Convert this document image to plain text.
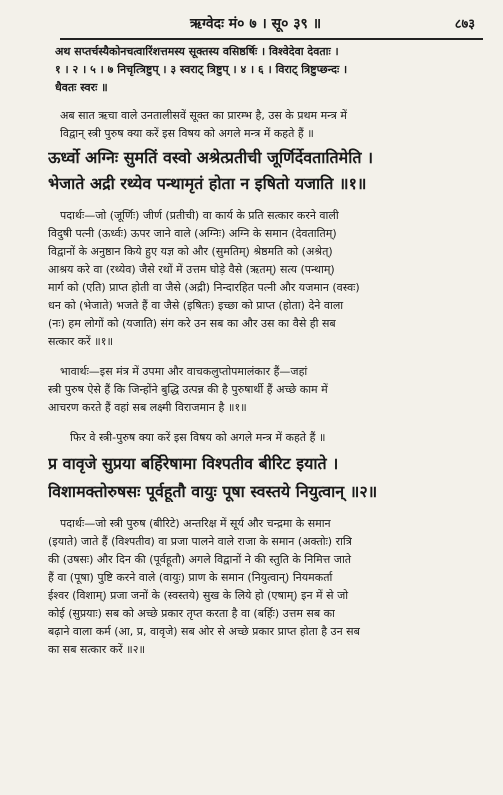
ऋग्वेदः मं० ७ । सू० ३९ ॥	८७३
अथ सप्तर्चस्यैकोनचत्वारिंशत्तमस्य सूक्तस्य वसिष्ठर्षिः । विश्वेदेवा देवताः ।
१ । २ । ५ । ७ निचृत्त्रिष्टुप् । ३ स्वराट् त्रिष्टुप् । ४ । ६ । विराट् त्रिष्टुप्छन्दः ।
धैवतः स्वरः ॥
अब सात ऋचा वाले उनतालीसवें सूक्त का प्रारम्भ है, उस के प्रथम मन्त्र में
विद्वान् स्त्री पुरुष क्या करें इस विषय को अगले मन्त्र में कहते हैं ॥
ऊर्ध्वो अग्निः सुमतिं वस्वो अश्रेत्प्रतीची जूर्णिर्देवतातिमेति ।
भेजाते अद्री रथ्येव पन्थामृतं होता न इषितो यजाति ॥१॥
पदार्थः—जो (जूर्णिः) जीर्ण (प्रतीची) वा कार्य के प्रति सत्कार करने वाली
विदुषी पत्नी (ऊर्ध्वः) ऊपर जाने वाले (अग्निः) अग्नि के समान (देवतातिम्)
विद्वानों के अनुष्ठान किये हुए यज्ञ को और (सुमतिम्) श्रेष्ठमति को (अश्रेत्)
आश्रय करे वा (रथ्येव) जैसे रथों में उत्तम घोड़े वैसे (ऋतम्) सत्य (पन्थाम्)
मार्ग को (एति) प्राप्त होती वा जैसे (अद्री) निन्दारहित पत्नी और यजमान (वस्वः)
धन को (भेजाते) भजते हैं वा जैसे (इषितः) इच्छा को प्राप्त (होता) देने वाला
(नः) हम लोगों को (यजाति) संग करे उन सब का और उस का वैसे ही सब
सत्कार करें ॥१॥
भावार्थः—इस मंत्र में उपमा और वाचकलुप्तोपमालंकार हैं—जहां
स्त्री पुरुष ऐसे हैं कि जिन्होंने बुद्धि उत्पन्न की है पुरुषार्थी हैं अच्छे काम में
आचरण करते हैं वहां सब लक्ष्मी विराजमान है ॥१॥
फिर वे स्त्री-पुरुष क्या करें इस विषय को अगले मन्त्र में कहते हैं ॥
प्र वावृजे सुप्रया बर्हिरेषामा विश्पतीव बीरिट इयाते ।
विशामक्तोरुषसः पूर्वहूतौ वायुः पूषा स्वस्तये नियुत्वान् ॥२॥
पदार्थः—जो स्त्री पुरुष (बीरिटे) अन्तरिक्ष में सूर्य और चन्द्रमा के समान
(इयाते) जाते हैं (विश्पतीव) वा प्रजा पालने वाले राजा के समान (अक्तोः) रात्रि
की (उषसः) और दिन की (पूर्वहूतौ) अगले विद्वानों ने की स्तुति के निमित्त जाते
हैं वा (पूषा) पुष्टि करने वाले (वायुः) प्राण के समान (नियुत्वान्) नियमकर्ता
ईश्वर (विशाम्) प्रजा जनों के (स्वस्तये) सुख के लिये हो (एषाम्) इन में से जो
कोई (सुप्रयाः) सब को अच्छे प्रकार तृप्त करता है वा (बर्हिः) उत्तम सब का
बढ़ाने वाला कर्म (आ, प्र, वावृजे) सब ओर से अच्छे प्रकार प्राप्त होता है उन सब
का सब सत्कार करें ॥२॥
